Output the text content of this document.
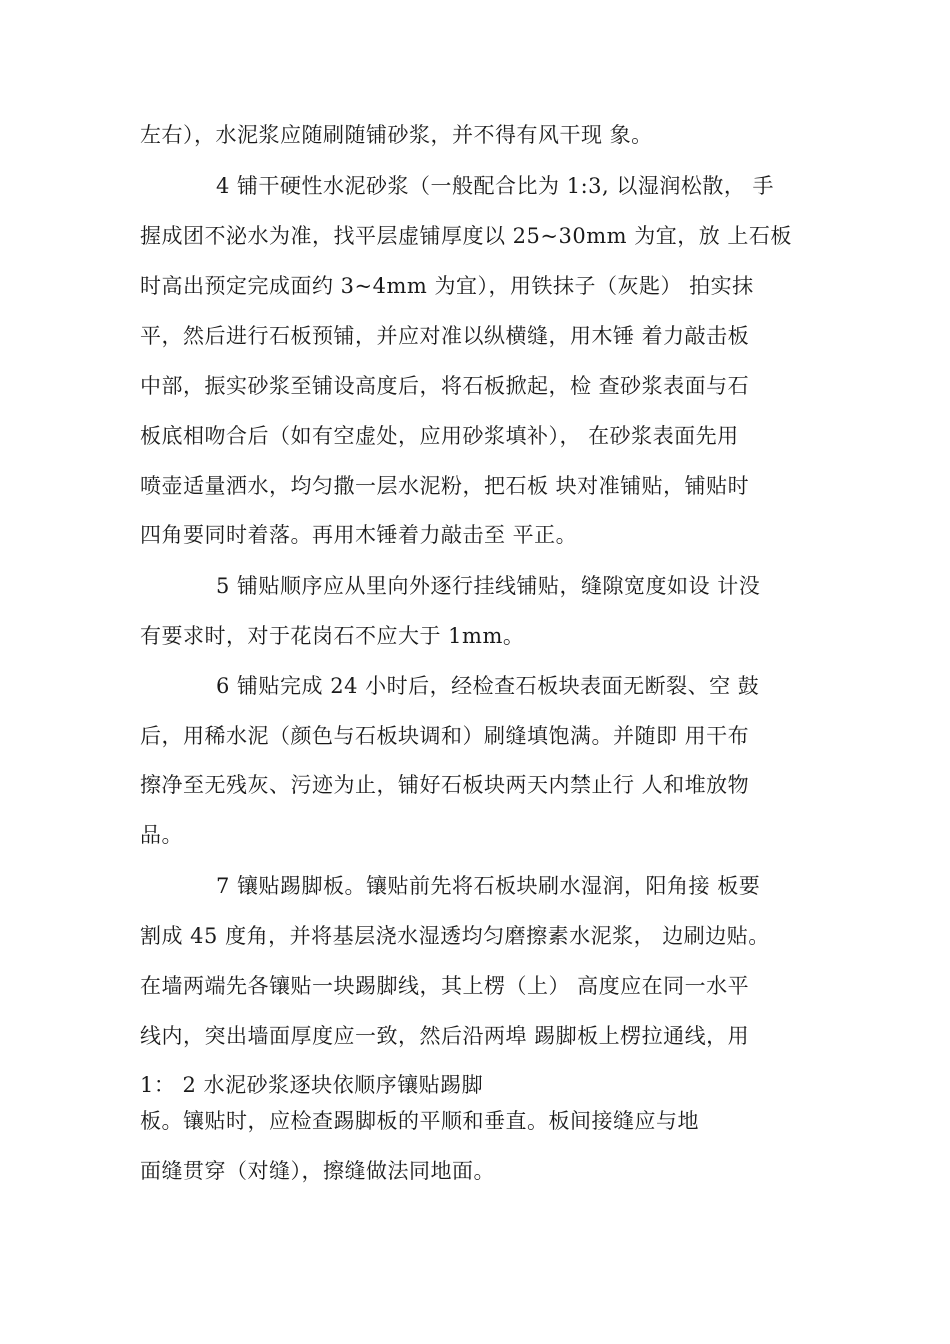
左右），水泥浆应随刷随铺砂浆，并不得有风干现 象。
4 铺干硬性水泥砂浆（一般配合比为 1:3, 以湿润松散， 手
握成团不泌水为准，找平层虚铺厚度以 25~30mm 为宜，放 上石板
时高出预定完成面约 3~4mm 为宜），用铁抹子（灰匙） 拍实抹
平，然后进行石板预铺，并应对准以纵横缝，用木锤 着力敲击板
中部，振实砂浆至铺设高度后，将石板掀起，检 查砂浆表面与石
板底相吻合后（如有空虚处，应用砂浆填补）， 在砂浆表面先用
喷壶适量洒水，均匀撒一层水泥粉，把石板 块对准铺贴，铺贴时
四角要同时着落。再用木锤着力敲击至 平正。
5 铺贴顺序应从里向外逐行挂线铺贴，缝隙宽度如设 计没
有要求时，对于花岗石不应大于 1mm。
6 铺贴完成 24 小时后，经检查石板块表面无断裂、空 鼓
后，用稀水泥（颜色与石板块调和）刷缝填饱满。并随即 用干布
擦净至无残灰、污迹为止，铺好石板块两天内禁止行 人和堆放物
品。
7 镶贴踢脚板。镶贴前先将石板块刷水湿润，阳角接 板要
割成 45 度角，并将基层浇水湿透均匀磨擦素水泥浆， 边刷边贴。
在墙两端先各镶贴一块踢脚线，其上楞（上） 高度应在同一水平
线内，突出墙面厚度应一致，然后沿两埠 踢脚板上楞拉通线，用
1： 2 水泥砂浆逐块依顺序镶贴踢脚
板。镶贴时，应检查踢脚板的平顺和垂直。板间接缝应与地
面缝贯穿（对缝），擦缝做法同地面。
